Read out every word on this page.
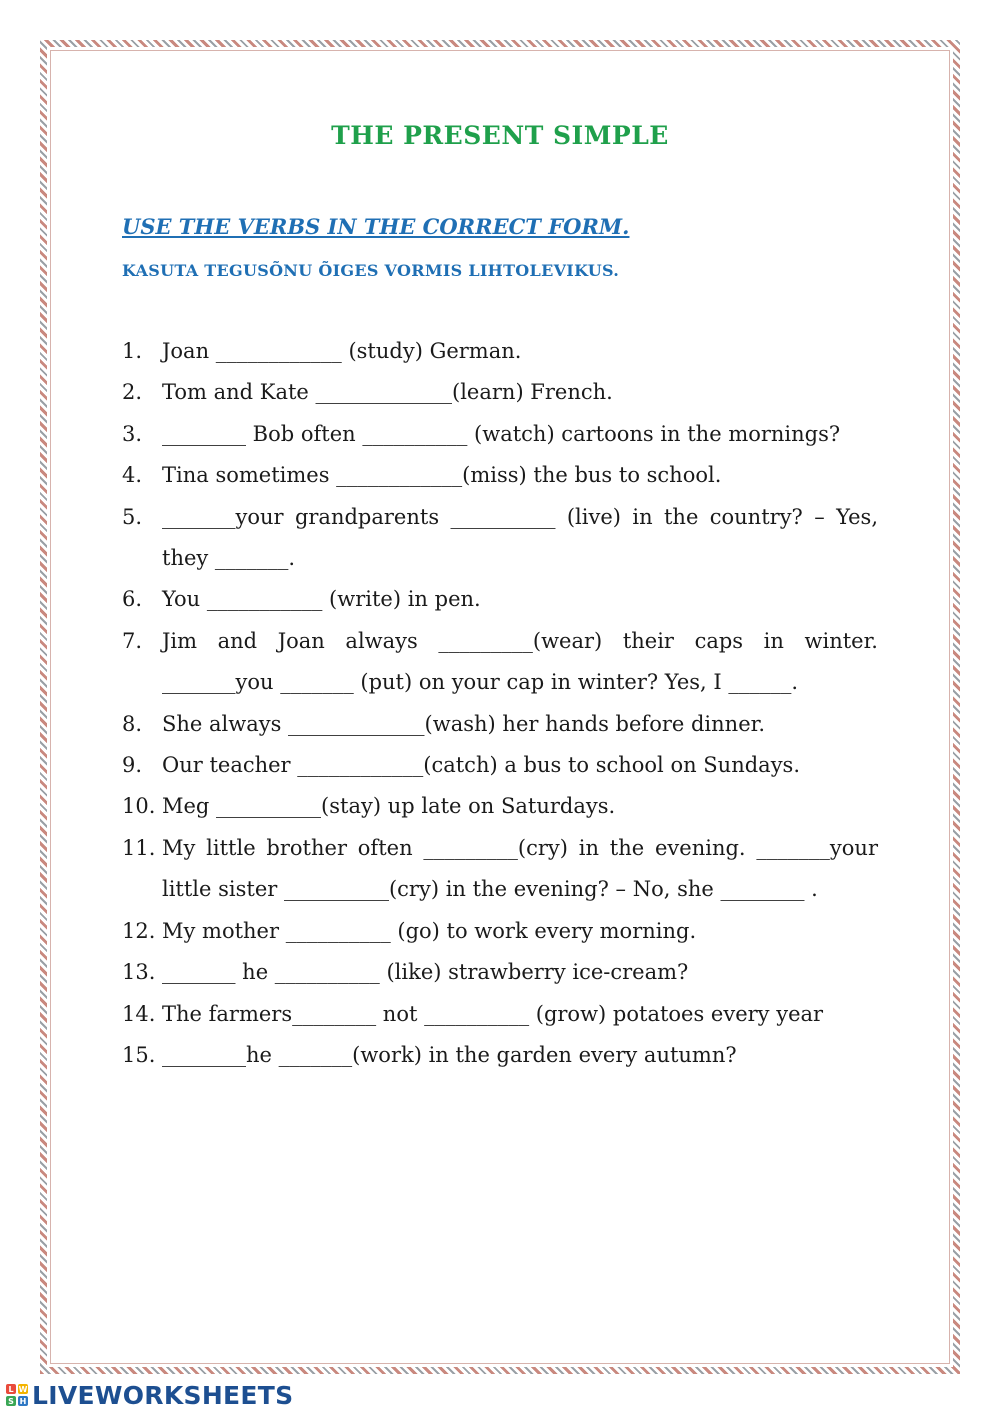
THE PRESENT SIMPLE
USE THE VERBS IN THE CORRECT FORM.
KASUTA TEGUSÕNU ÕIGES VORMIS LIHTOLEVIKUS.
1. Joan ____________ (study) German.
2. Tom and Kate _____________(learn) French.
3. ________ Bob often __________ (watch) cartoons in the mornings?
4. Tina sometimes ____________(miss) the bus to school.
5. _______your grandparents __________ (live) in the country? – Yes, they _______.
6. You ___________ (write) in pen.
7. Jim and Joan always _________(wear) their caps in winter. _______you _______ (put) on your cap in winter? Yes, I ______.
8. She always _____________(wash) her hands before dinner.
9. Our teacher ____________(catch) a bus to school on Sundays.
10. Meg __________(stay) up late on Saturdays.
11. My little brother often _________(cry) in the evening. _______your little sister __________(cry) in the evening? – No, she ________ .
12. My mother __________ (go) to work every morning.
13. _______ he __________ (like) strawberry ice-cream?
14. The farmers________ not __________ (grow) potatoes every year
15. ________he _______(work) in the garden every autumn?
L W
S H LIVEWORKSHEETS
